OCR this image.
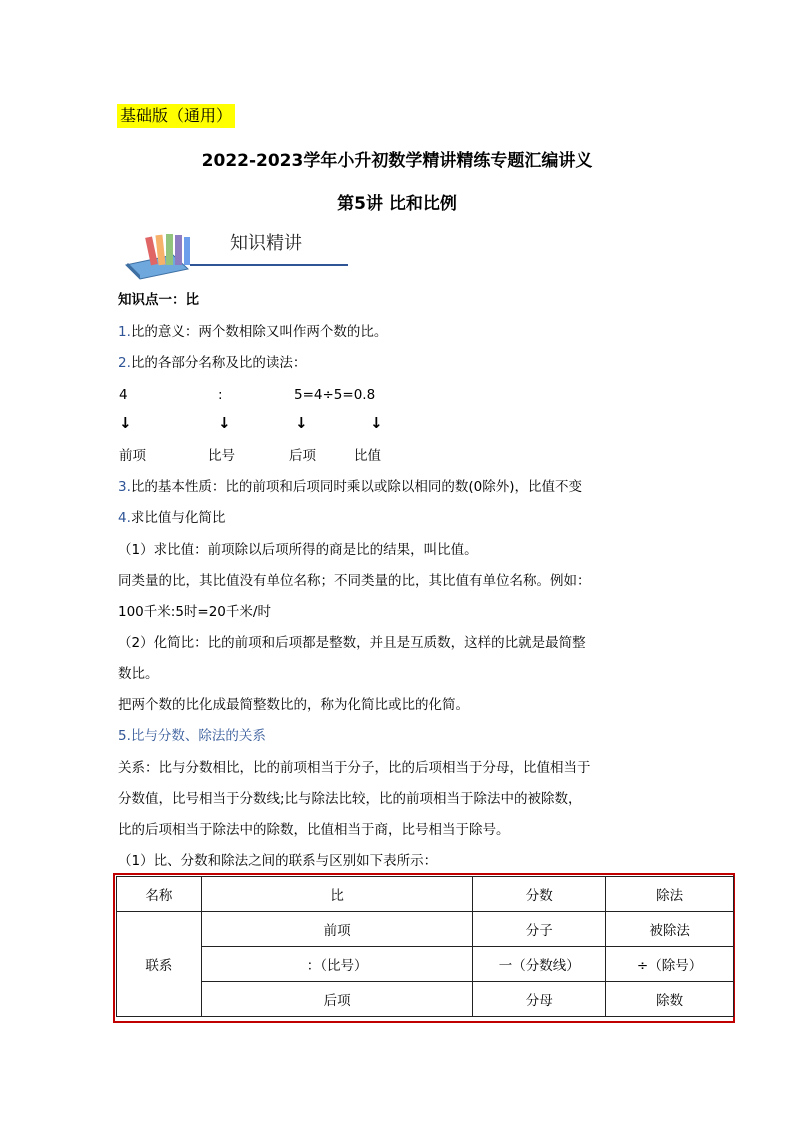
基础版（通用）
2022-2023学年小升初数学精讲精练专题汇编讲义
第5讲 比和比例
知识精讲
知识点一：比
1.比的意义：两个数相除又叫作两个数的比。
2.比的各部分名称及比的读法：
4	:	5=4÷5=0.8
↓	↓	↓	↓
前项	比号	后项	比值
3.比的基本性质：比的前项和后项同时乘以或除以相同的数(0除外)，比值不变
4.求比值与化简比
（1）求比值：前项除以后项所得的商是比的结果，叫比值。
同类量的比，其比值没有单位名称；不同类量的比，其比值有单位名称。例如：
100千米:5时=20千米/时
（2）化简比：比的前项和后项都是整数，并且是互质数，这样的比就是最简整
数比。
把两个数的比化成最简整数比的，称为化简比或比的化简。
5.比与分数、除法的关系
关系：比与分数相比，比的前项相当于分子，比的后项相当于分母，比值相当于
分数值，比号相当于分数线;比与除法比较，比的前项相当于除法中的被除数，
比的后项相当于除法中的除数，比值相当于商，比号相当于除号。
（1）比、分数和除法之间的联系与区别如下表所示：
名称	比	分数	除法
联系	前项	分子	被除法
	：（比号）	一（分数线）	÷（除号）
	后项	分母	除数
